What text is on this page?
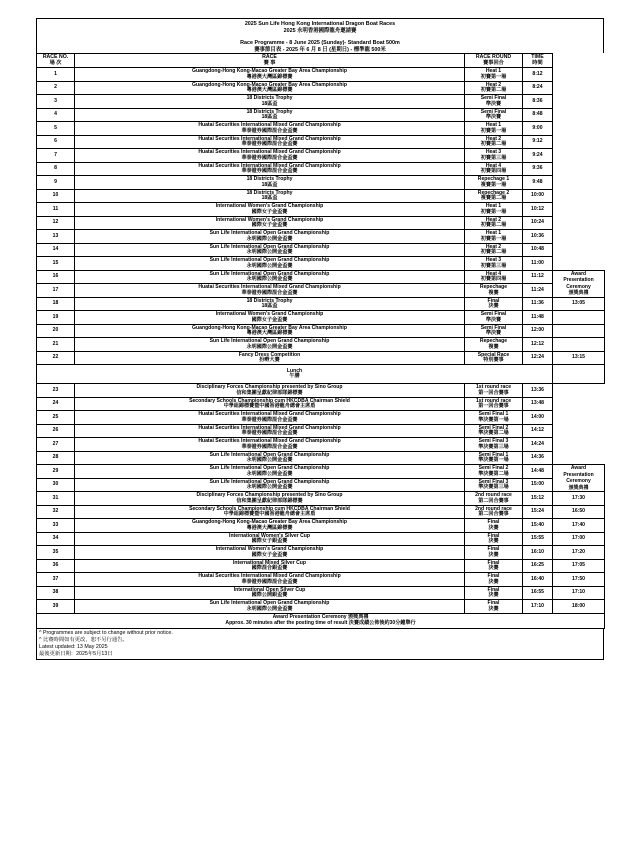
2025 Sun Life Hong Kong International Dragon Boat Races
2025 永明香港國際龍舟邀請賽
Race Programme - 8 June 2025 (Sunday)- Standard Boat 500m
賽事節目表 - 2025 年 6 月 8 日 (星期日) - 標準龍 500米
RACE NO.
場 次	RACE
賽 事	RACE ROUND
賽事回合	TIME
時間	

1	Guangdong-Hong Kong-Macao Greater Bay Area Championship
粵港澳大灣區錦標賽	Heat 1
初賽第一場	8:12	
2	Guangdong-Hong Kong-Macao Greater Bay Area Championship
粵港澳大灣區錦標賽	Heat 2
初賽第二場	8:24	
3	18 Districts Trophy
18區盃	Semi Final
準決賽	8:36	
4	18 Districts Trophy
18區盃	Semi Final
準決賽	8:48	
5	Huatai Securities International Mixed Grand Championship
華泰證券國際混合金盃賽	Heat 1
初賽第一場	9:00	
6	Huatai Securities International Mixed Grand Championship
華泰證券國際混合金盃賽	Heat 2
初賽第二場	9:12	
7	Huatai Securities International Mixed Grand Championship
華泰證券國際混合金盃賽	Heat 3
初賽第三場	9:24	
8	Huatai Securities International Mixed Grand Championship
華泰證券國際混合金盃賽	Heat 4
初賽第四場	9:36	
9	18 Districts Trophy
18區盃	Repechage 1
複賽第一場	9:48	
10	18 Districts Trophy
18區盃	Repechage 2
複賽第二場	10:00	
11	International Women's Grand Championship
國際女子金盃賽	Heat 1
初賽第一場	10:12	
12	International Women's Grand Championship
國際女子金盃賽	Heat 2
初賽第二場	10:24	
13	Sun Life International Open Grand Championship
永明國際公開金盃賽	Heat 1
初賽第一場	10:36	
14	Sun Life International Open Grand Championship
永明國際公開金盃賽	Heat 2
初賽第二場	10:48	
15	Sun Life International Open Grand Championship
永明國際公開金盃賽	Heat 3
初賽第三場	11:00	
16	Sun Life International Open Grand Championship
永明國際公開金盃賽	Heat 4
初賽第四場	11:12	Award
Presentation
Ceremony
頒獎典禮

17	Huatai Securities International Mixed Grand Championship
華泰證券國際混合金盃賽	Repechage
複賽	11:24	
18	18 Districts Trophy
18區盃	Final
決賽	11:36	13:05
19	International Women's Grand Championship
國際女子金盃賽	Semi Final
準決賽	11:48	
20	Guangdong-Hong Kong-Macao Greater Bay Area Championship
粵港澳大灣區錦標賽	Semi Final
準決賽	12:00	
21	Sun Life International Open Grand Championship
永明國際公開金盃賽	Repechage
複賽	12:12	
22	Fancy Dress Competition
扮嘢大賽	Special Race
特別賽事	12:24	13:15

Lunch
午膳				

23	Disciplinary Forces Championship presented by Sino Group
信和集團呈獻紀律部隊錦標賽	1st round race
第一回合賽事	13:36	
24	Secondary Schools Championship cum HKCDBA Chairman Shield
中學組錦標賽暨中國香港龍舟總會主席盾	1st round race
第一回合賽事	13:48	
25	Huatai Securities International Mixed Grand Championship
華泰證券國際混合金盃賽	Semi Final 1
準決賽第一場	14:00	
26	Huatai Securities International Mixed Grand Championship
華泰證券國際混合金盃賽	Semi Final 2
準決賽第二場	14:12	
27	Huatai Securities International Mixed Grand Championship
華泰證券國際混合金盃賽	Semi Final 3
準決賽第三場	14:24	
28	Sun Life International Open Grand Championship
永明國際公開金盃賽	Semi Final 1
準決賽第一場	14:36	
29	Sun Life International Open Grand Championship
永明國際公開金盃賽	Semi Final 2
準決賽第二場	14:48	Award
Presentation
Ceremony
頒獎典禮

30	Sun Life International Open Grand Championship
永明國際公開金盃賽	Semi Final 3
準決賽第三場	15:00	
31	Disciplinary Forces Championship presented by Sino Group
信和集團呈獻紀律部隊錦標賽	2nd round race
第二回合賽事	15:12	17:30
32	Secondary Schools Championship cum HKCDBA Chairman Shield
中學組錦標賽暨中國香港龍舟總會主席盾	2nd round race
第二回合賽事	15:24	16:50
33	Guangdong-Hong Kong-Macao Greater Bay Area Championship
粵港澳大灣區錦標賽	Final
決賽	15:40	17:40
34	International Women's Silver Cup
國際女子銀盃賽	Final
決賽	15:55	17:00
35	International Women's Grand Championship
國際女子金盃賽	Final
決賽	16:10	17:20
36	International Mixed Silver Cup
國際混合銀盃賽	Final
決賽	16:25	17:05
37	Huatai Securities International Mixed Grand Championship
華泰證券國際混合金盃賽	Final
決賽	16:40	17:50
38	International Open Silver Cup
國際公開銀盃賽	Final
決賽	16:55	17:10
39	Sun Life International Open Grand Championship
永明國際公開金盃賽	Final
決賽	17:10	18:00

Award Presentation Ceremony 頒獎典禮
Approx. 30 minutes after the posting time of result 決賽成績公佈後約30分鐘舉行				
^ Programmes are subject to change without prior notice.
^ 比賽時間如有更改，恕不另行通告。
Latest updated: 13 May 2025
最後更新日期：2025年5月13日
